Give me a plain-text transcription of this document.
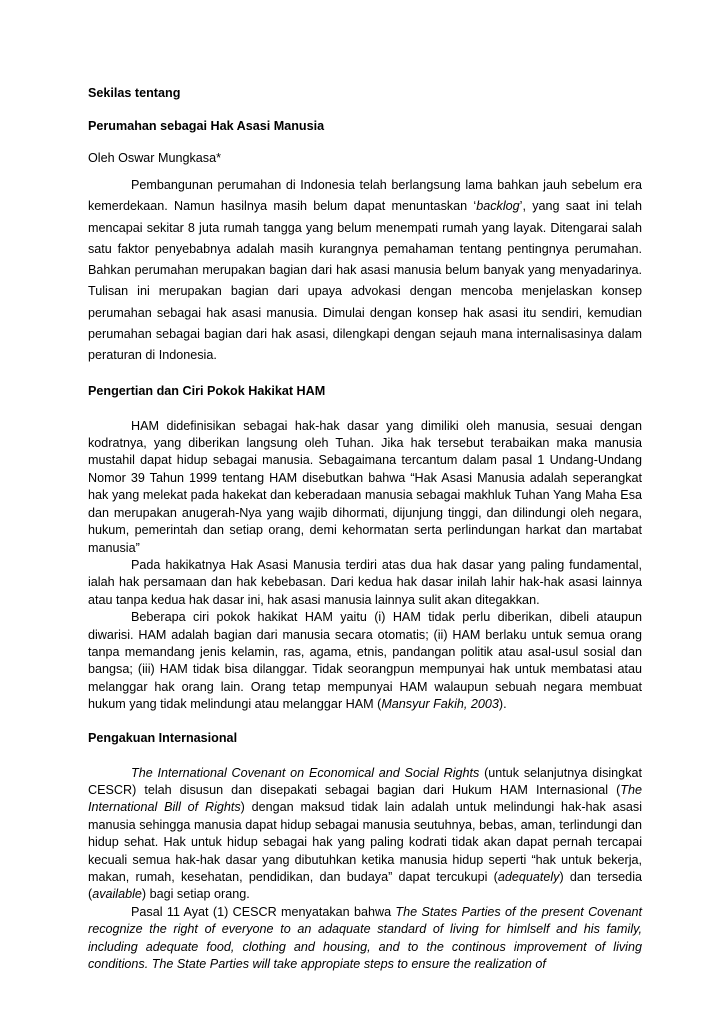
Sekilas tentang
Perumahan sebagai Hak Asasi Manusia
Oleh Oswar Mungkasa*

Pembangunan perumahan di Indonesia telah berlangsung lama bahkan jauh sebelum era kemerdekaan. Namun hasilnya masih belum dapat menuntaskan ‘backlog’, yang saat ini telah mencapai sekitar 8 juta rumah tangga yang belum menempati rumah yang layak. Ditengarai salah satu faktor penyebabnya adalah masih kurangnya pemahaman tentang pentingnya perumahan. Bahkan perumahan merupakan bagian dari hak asasi manusia belum banyak yang menyadarinya. Tulisan ini merupakan bagian dari upaya advokasi dengan mencoba menjelaskan konsep perumahan sebagai hak asasi manusia. Dimulai dengan konsep hak asasi itu sendiri, kemudian perumahan sebagai bagian dari hak asasi, dilengkapi dengan sejauh mana internalisasinya dalam peraturan di Indonesia.

Pengertian dan Ciri Pokok Hakikat HAM

HAM didefinisikan sebagai hak-hak dasar yang dimiliki oleh manusia, sesuai dengan kodratnya, yang diberikan langsung oleh Tuhan. Jika hak tersebut terabaikan maka manusia mustahil dapat hidup sebagai manusia. Sebagaimana tercantum dalam pasal 1 Undang-Undang Nomor 39 Tahun 1999 tentang HAM disebutkan bahwa “Hak Asasi Manusia adalah seperangkat hak yang melekat pada hakekat dan keberadaan manusia sebagai makhluk Tuhan Yang Maha Esa dan merupakan anugerah-Nya yang wajib dihormati, dijunjung tinggi, dan dilindungi oleh negara, hukum, pemerintah dan setiap orang, demi kehormatan serta perlindungan harkat dan martabat manusia”

Pada hakikatnya Hak Asasi Manusia terdiri atas dua hak dasar yang paling fundamental, ialah hak persamaan dan hak kebebasan. Dari kedua hak dasar inilah lahir hak-hak asasi lainnya atau tanpa kedua hak dasar ini, hak asasi manusia lainnya sulit akan ditegakkan.

Beberapa ciri pokok hakikat HAM yaitu (i) HAM tidak perlu diberikan, dibeli ataupun diwarisi. HAM adalah bagian dari manusia secara otomatis; (ii) HAM berlaku untuk semua orang tanpa memandang jenis kelamin, ras, agama, etnis, pandangan politik atau asal-usul sosial dan bangsa; (iii) HAM tidak bisa dilanggar. Tidak seorangpun mempunyai hak untuk membatasi atau melanggar hak orang lain. Orang tetap mempunyai HAM walaupun sebuah negara membuat hukum yang tidak melindungi atau melanggar HAM (Mansyur Fakih, 2003).

Pengakuan Internasional

The International Covenant on Economical and Social Rights (untuk selanjutnya disingkat CESCR) telah disusun dan disepakati sebagai bagian dari Hukum HAM Internasional (The International Bill of Rights) dengan maksud tidak lain adalah untuk melindungi hak-hak asasi manusia sehingga manusia dapat hidup sebagai manusia seutuhnya, bebas, aman, terlindungi dan hidup sehat. Hak untuk hidup sebagai hak yang paling kodrati tidak akan dapat pernah tercapai kecuali semua hak-hak dasar yang dibutuhkan ketika manusia hidup seperti “hak untuk bekerja, makan, rumah, kesehatan, pendidikan, dan budaya” dapat tercukupi (adequately) dan tersedia (available) bagi setiap orang.

Pasal 11 Ayat (1) CESCR menyatakan bahwa The States Parties of the present Covenant recognize the right of everyone to an adaquate standard of living for himlself and his family, including adequate food, clothing and housing, and to the continous improvement of living conditions. The State Parties will take appropiate steps to ensure the realization of
